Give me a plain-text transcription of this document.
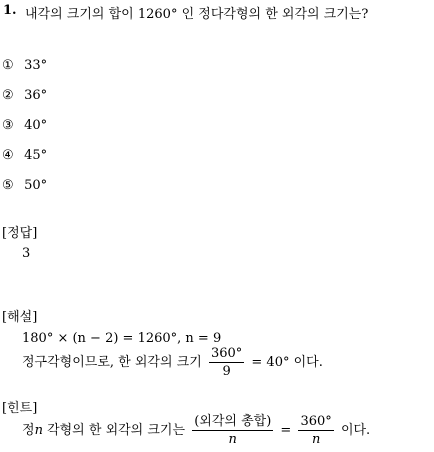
1. 내각의 크기의 합이 1260° 인 정다각형의 한 외각의 크기는?
① 33°
② 36°
③ 40°
④ 45°
⑤ 50°
[정답]
3
[해설]
180° × (n − 2) = 1260°, n = 9
정구각형이므로, 한 외각의 크기 $\frac{360^\circ}{9} = 40^\circ$ 이다.
[힌트]
정n 각형의 한 외각의 크기는 $\frac{\text{(외각의 총합)}}{n} = \frac{360^\circ}{n}$ 이다.
